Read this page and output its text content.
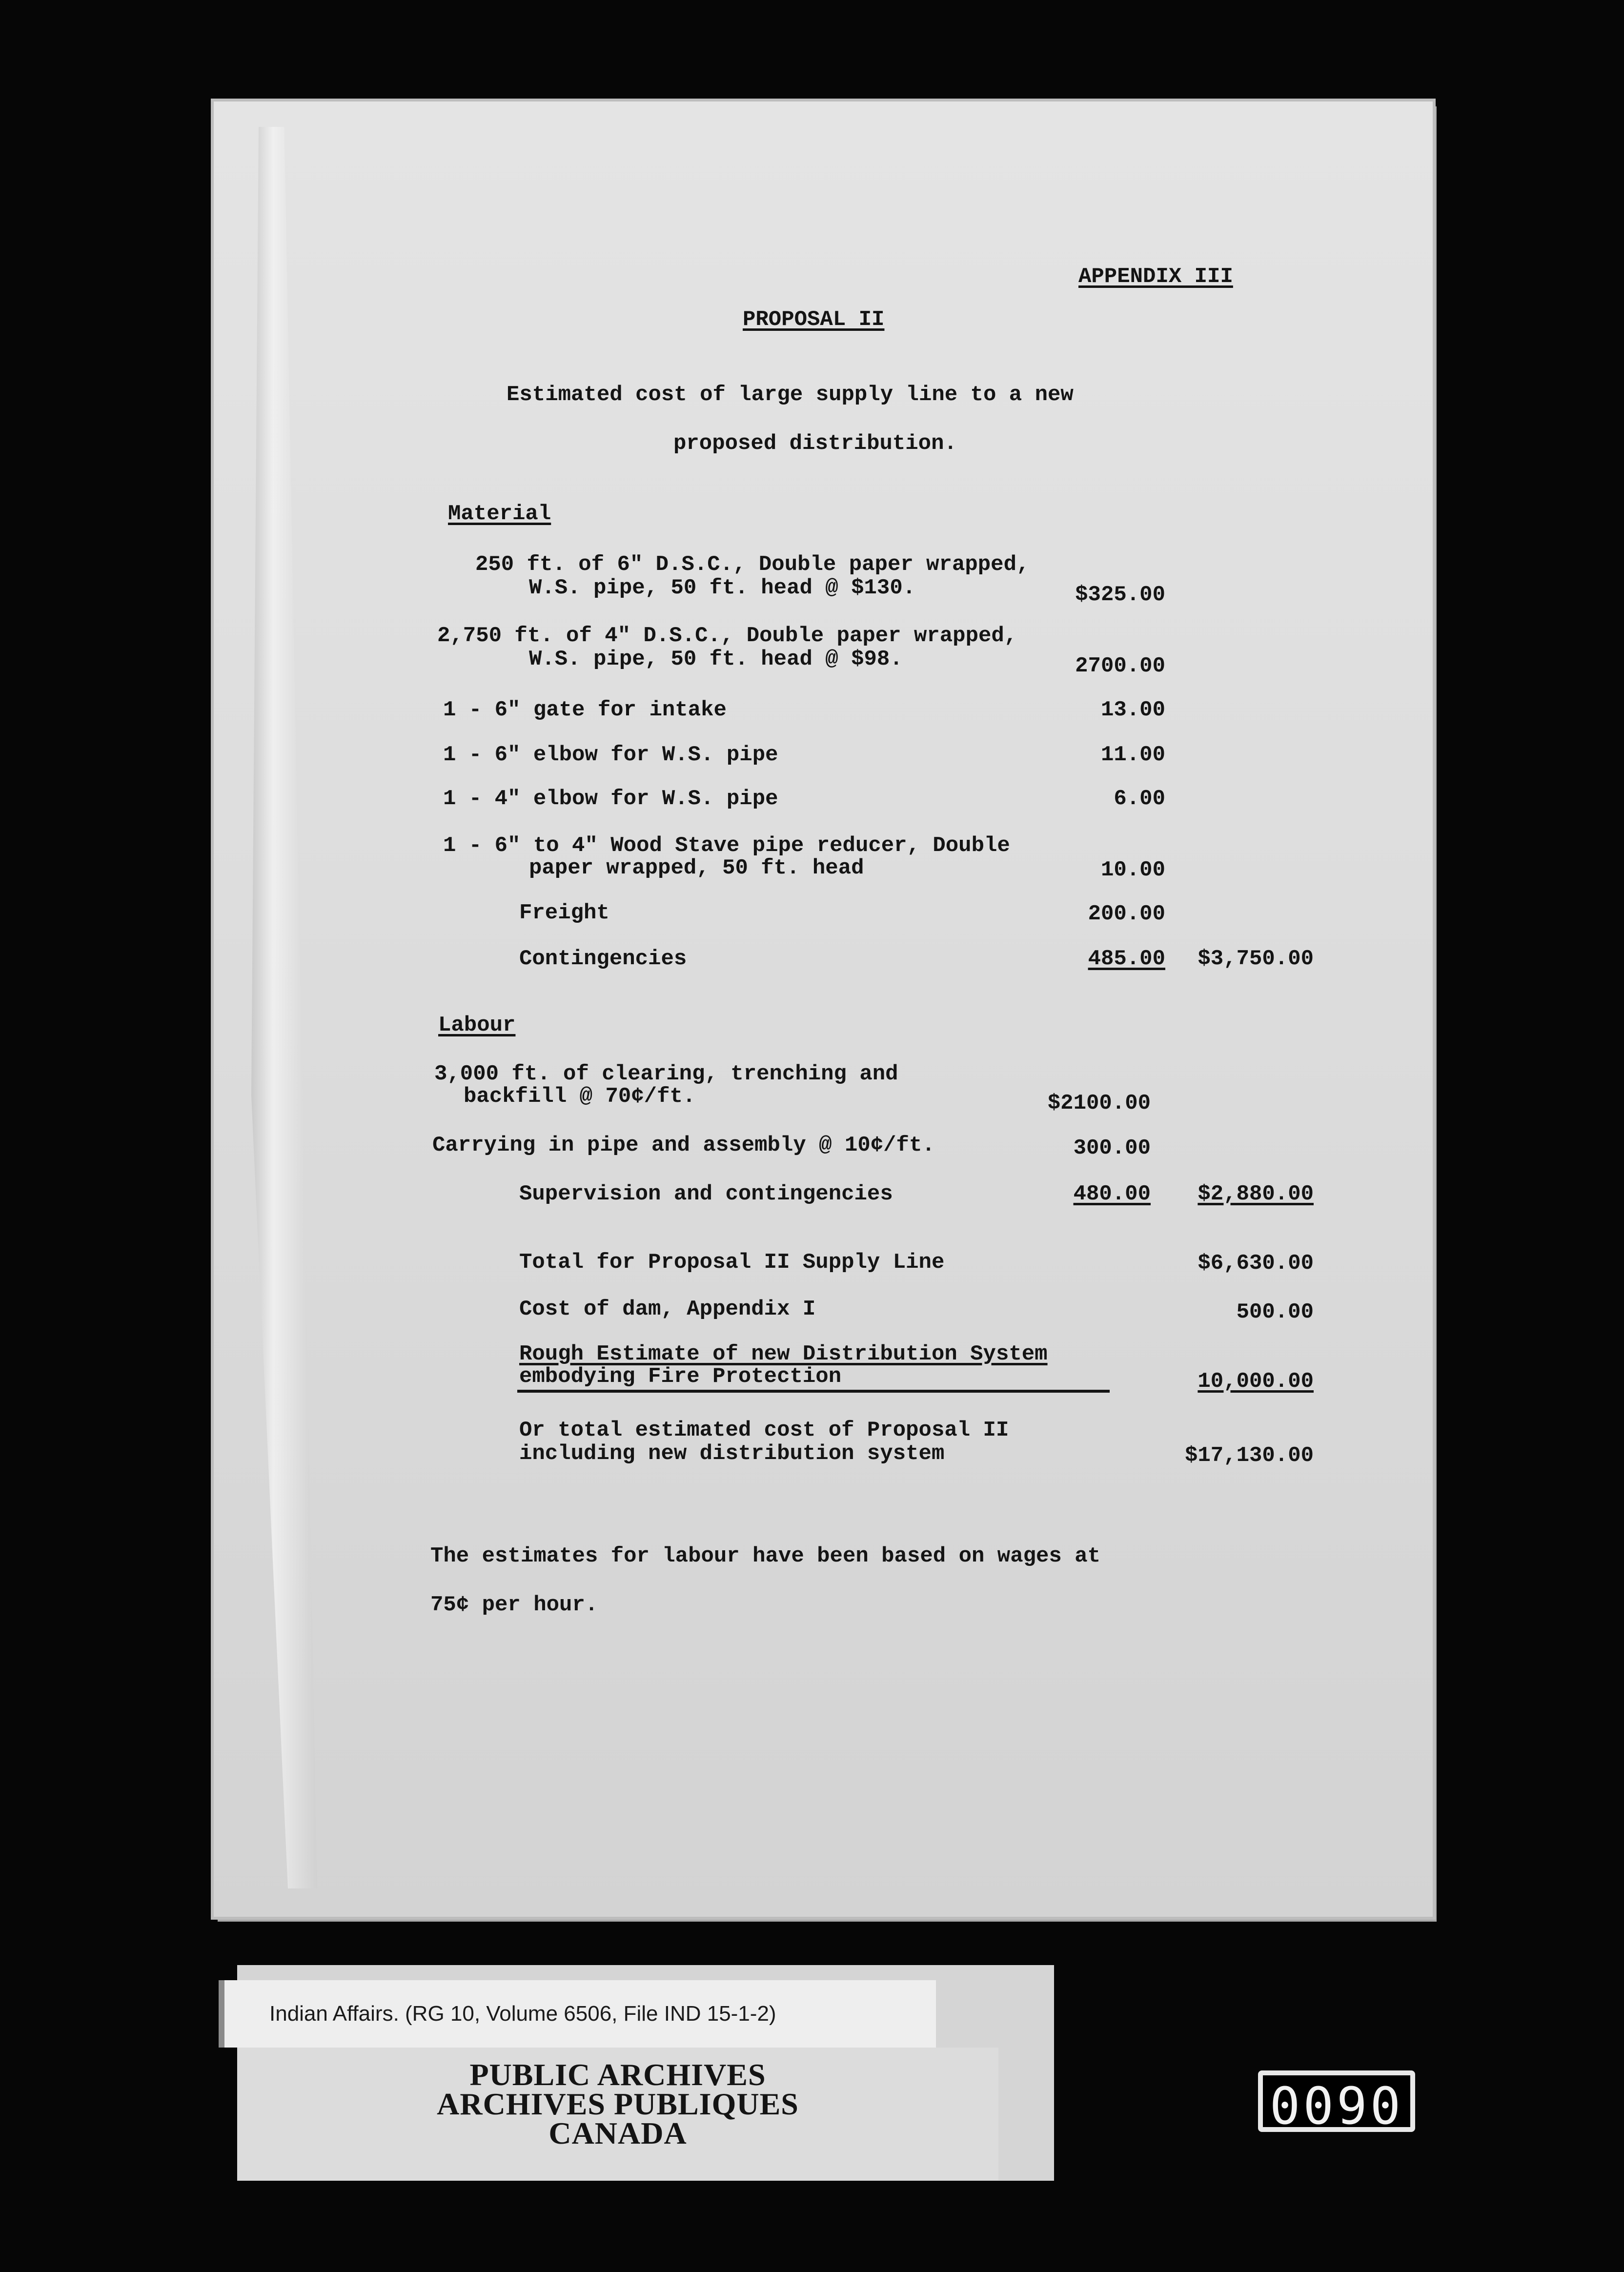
APPENDIX III
PROPOSAL II
Estimated cost of large supply line to a new
proposed distribution.
Material
250 ft. of 6" D.S.C., Double paper wrapped,
W.S. pipe, 50 ft. head @ $130.	$325.00
2,750 ft. of 4" D.S.C., Double paper wrapped,
W.S. pipe, 50 ft. head @ $98.	2700.00
1 - 6" gate for intake	13.00
1 - 6" elbow for W.S. pipe	11.00
1 - 4" elbow for W.S. pipe	6.00
1 - 6" to 4" Wood Stave pipe reducer, Double
paper wrapped, 50 ft. head	10.00
Freight	200.00
Contingencies	485.00	$3,750.00
Labour
3,000 ft. of clearing, trenching and
backfill @ 70¢/ft.	$2100.00
Carrying in pipe and assembly @ 10¢/ft.	300.00
Supervision and contingencies	480.00	$2,880.00
Total for Proposal II Supply Line	$6,630.00
Cost of dam, Appendix I	500.00
Rough Estimate of new Distribution System
embodying Fire Protection	10,000.00
Or total estimated cost of Proposal II
including new distribution system	$17,130.00
The estimates for labour have been based on wages at
75¢ per hour.
Indian Affairs. (RG 10, Volume 6506, File IND 15-1-2)
PUBLIC ARCHIVES
ARCHIVES PUBLIQUES
CANADA	0090
